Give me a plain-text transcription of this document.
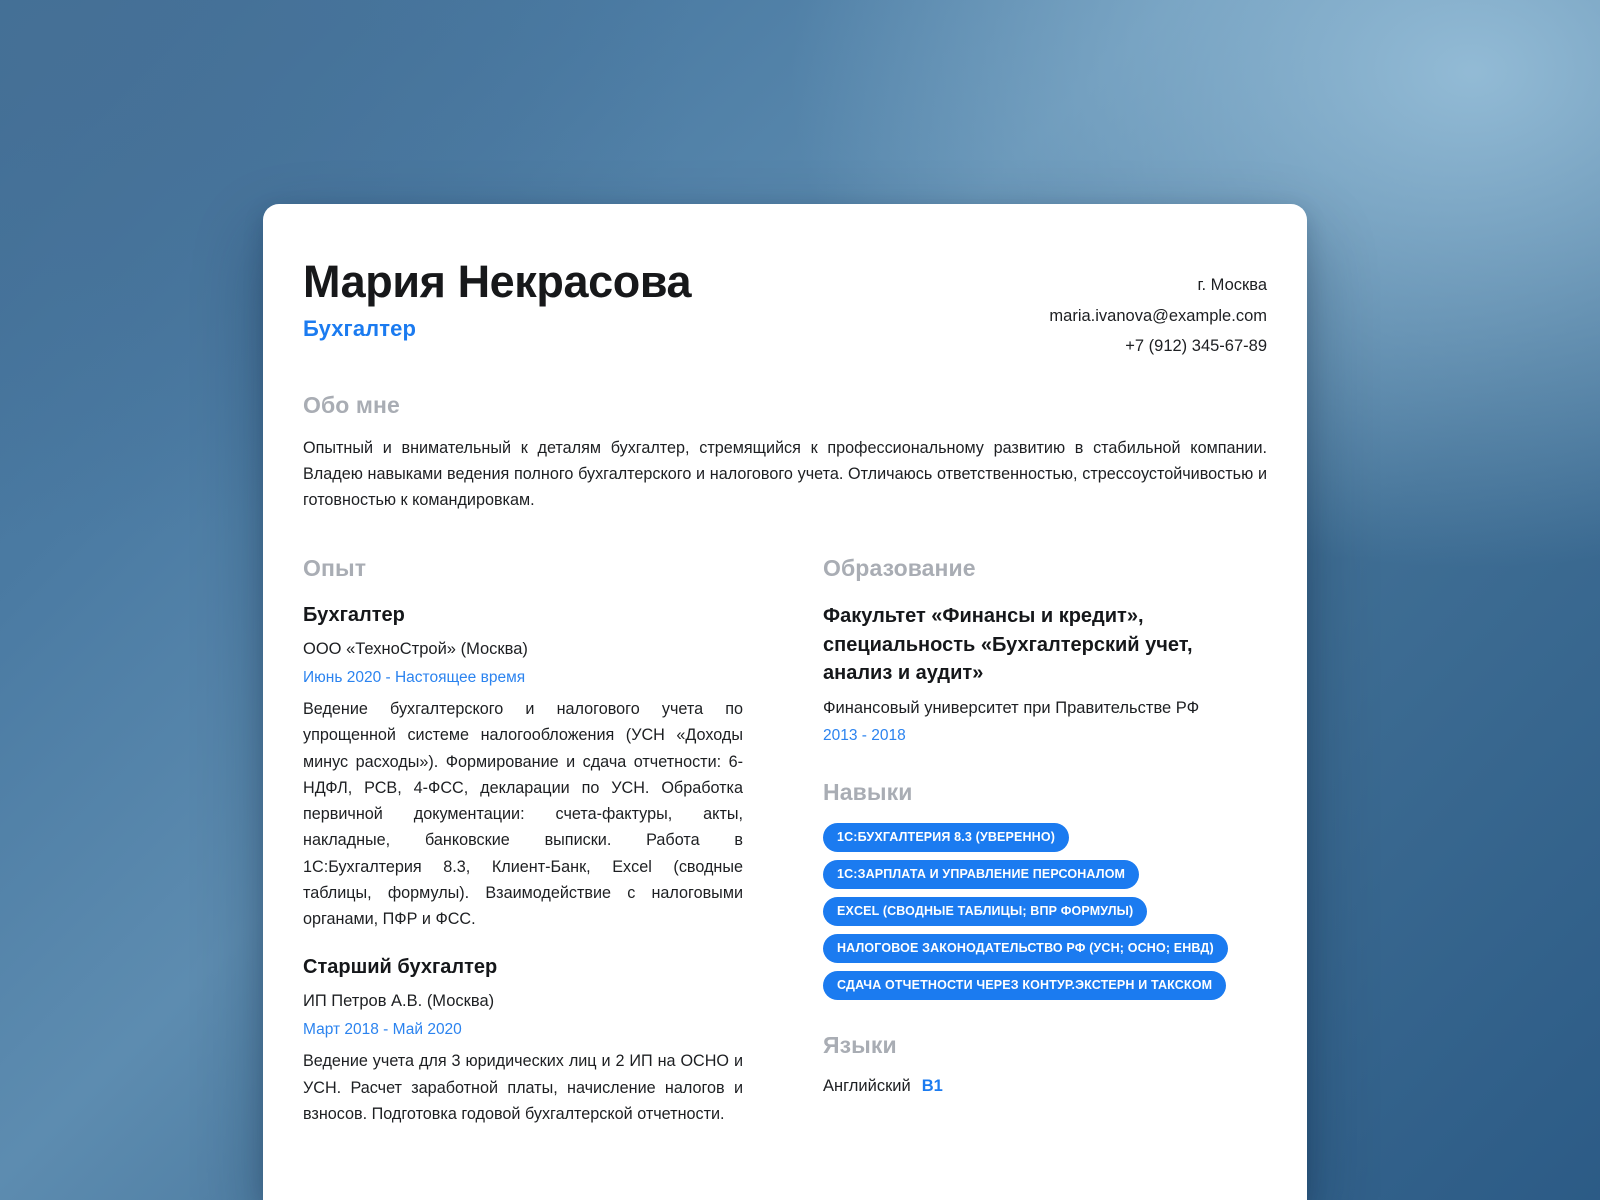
Мария Некрасова
Бухгалтер
г. Москва
maria.ivanova@example.com
+7 (912) 345-67-89
Обо мне
Опытный и внимательный к деталям бухгалтер, стремящийся к профессиональному развитию в стабильной компании. Владею навыками ведения полного бухгалтерского и налогового учета. Отличаюсь ответственностью, стрессоустойчивостью и готовностью к командировкам.
Опыт
Бухгалтер
ООО «ТехноСтрой» (Москва)
Июнь 2020 - Настоящее время
Ведение бухгалтерского и налогового учета по упрощенной системе налогообложения (УСН «Доходы минус расходы»). Формирование и сдача отчетности: 6-НДФЛ, РСВ, 4-ФСС, декларации по УСН. Обработка первичной документации: счета-фактуры, акты, накладные, банковские выписки. Работа в 1С:Бухгалтерия 8.3, Клиент-Банк, Excel (сводные таблицы, формулы). Взаимодействие с налоговыми органами, ПФР и ФСС.
Старший бухгалтер
ИП Петров А.В. (Москва)
Март 2018 - Май 2020
Ведение учета для 3 юридических лиц и 2 ИП на ОСНО и УСН. Расчет заработной платы, начисление налогов и взносов. Подготовка годовой бухгалтерской отчетности.
Образование
Факультет «Финансы и кредит», специальность «Бухгалтерский учет, анализ и аудит»
Финансовый университет при Правительстве РФ
2013 - 2018
Навыки
1С:БУХГАЛТЕРИЯ 8.3 (УВЕРЕННО)
1С:ЗАРПЛАТА И УПРАВЛЕНИЕ ПЕРСОНАЛОМ
EXCEL (СВОДНЫЕ ТАБЛИЦЫ; ВПР ФОРМУЛЫ)
НАЛОГОВОЕ ЗАКОНОДАТЕЛЬСТВО РФ (УСН; ОСНО; ЕНВД)
СДАЧА ОТЧЕТНОСТИ ЧЕРЕЗ КОНТУР.ЭКСТЕРН И ТАКСКОМ
Языки
Английский B1
